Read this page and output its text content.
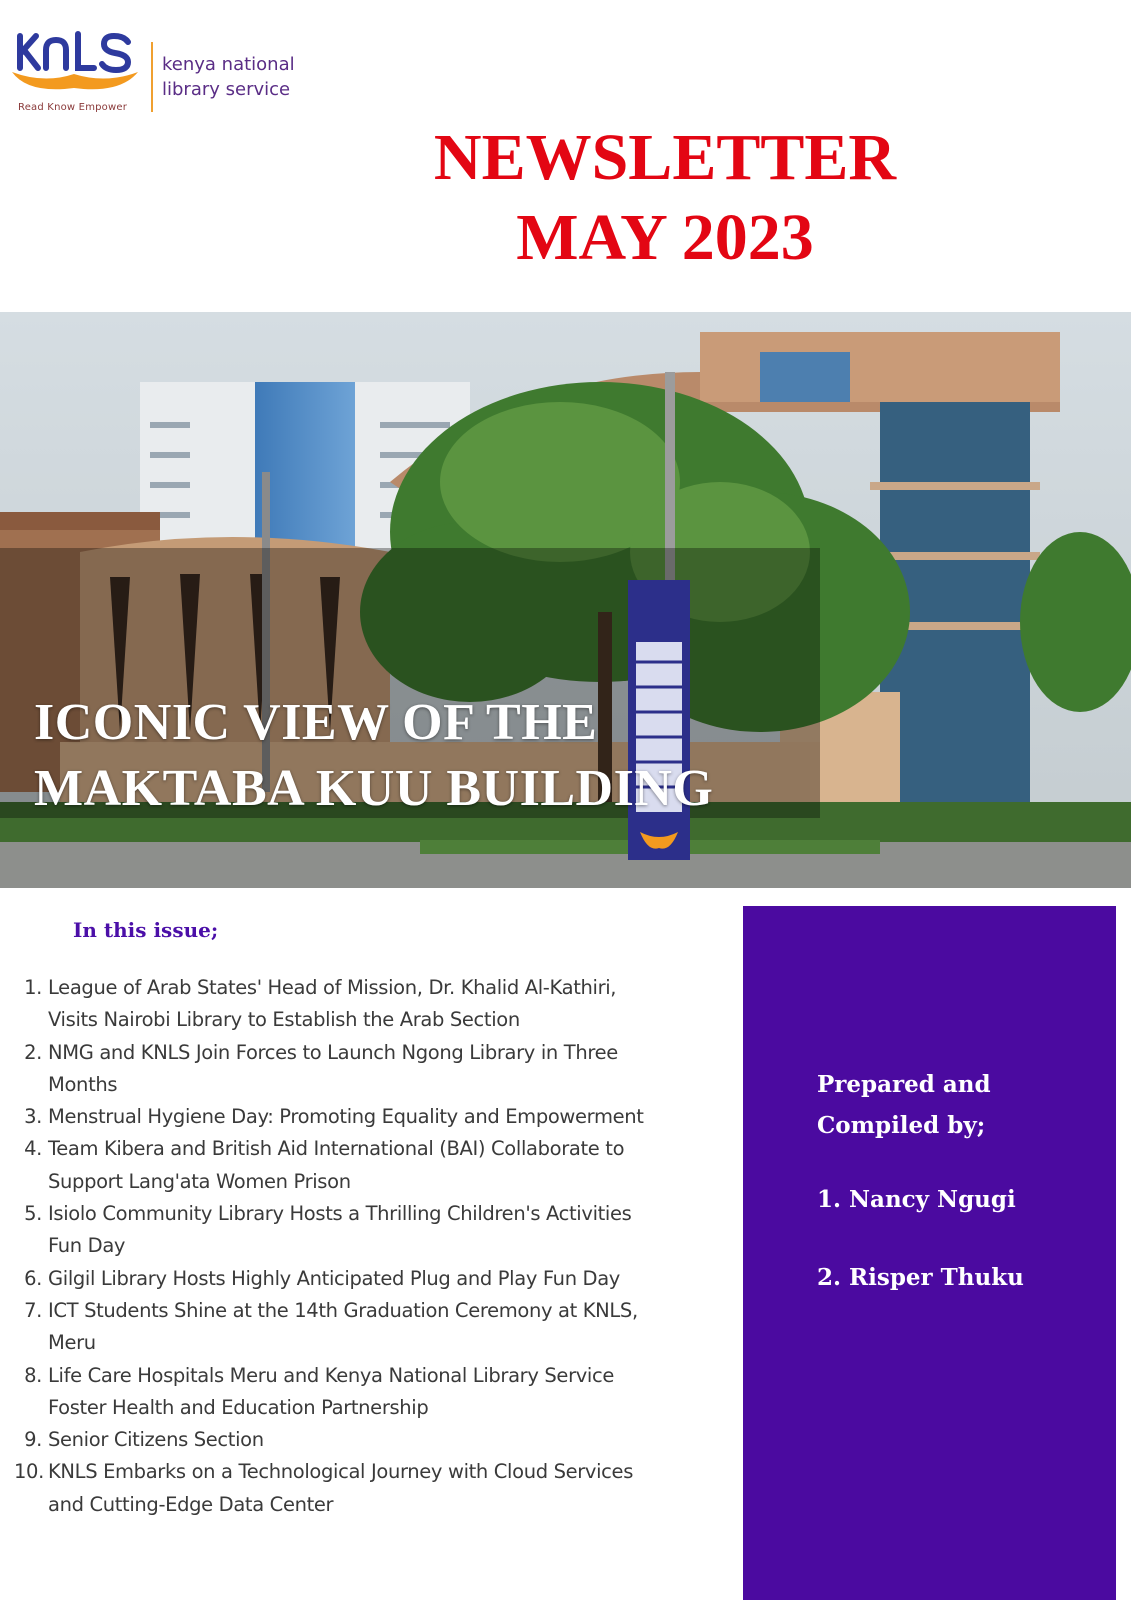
Read Know Empower
kenya national
library service
NEWSLETTER
MAY 2023
ICONIC VIEW OF THE
MAKTABA KUU BUILDING
In this issue;
1. League of Arab States' Head of Mission, Dr. Khalid Al-Kathiri,
Visits Nairobi Library to Establish the Arab Section
2. NMG and KNLS Join Forces to Launch Ngong Library in Three
Months
3. Menstrual Hygiene Day: Promoting Equality and Empowerment
4. Team Kibera and British Aid International (BAI) Collaborate to
Support Lang'ata Women Prison
5. Isiolo Community Library Hosts a Thrilling Children's Activities
Fun Day
6. Gilgil Library Hosts Highly Anticipated Plug and Play Fun Day
7. ICT Students Shine at the 14th Graduation Ceremony at KNLS,
Meru
8. Life Care Hospitals Meru and Kenya National Library Service
Foster Health and Education Partnership
9. Senior Citizens Section
10. KNLS Embarks on a Technological Journey with Cloud Services
and Cutting-Edge Data Center
Prepared and
Compiled by;
1. Nancy Ngugi
2. Risper Thuku
